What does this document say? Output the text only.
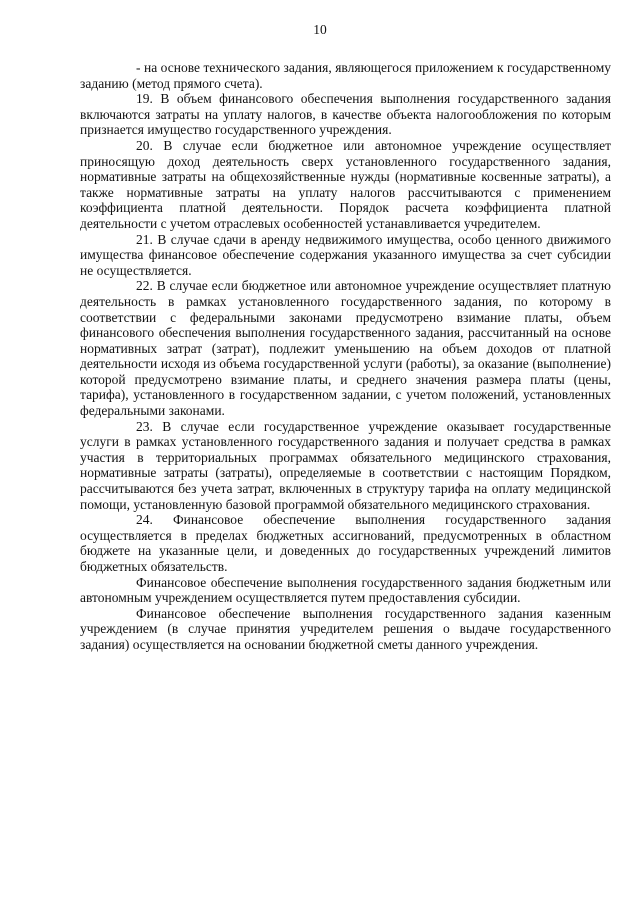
10

- на основе технического задания, являющегося приложением к государственному заданию (метод прямого счета).

19. В объем финансового обеспечения выполнения государственного задания включаются затраты на уплату налогов, в качестве объекта налогообложения по которым признается имущество государственного учреждения.

20. В случае если бюджетное или автономное учреждение осуществляет приносящую доход деятельность сверх установленного государственного задания, нормативные затраты на общехозяйственные нужды (нормативные косвенные затраты), а также нормативные затраты на уплату налогов рассчитываются с применением коэффициента платной деятельности. Порядок расчета коэффициента платной деятельности с учетом отраслевых особенностей устанавливается учредителем.

21. В случае сдачи в аренду недвижимого имущества, особо ценного движимого имущества финансовое обеспечение содержания указанного имущества за счет субсидии не осуществляется.

22. В случае если бюджетное или автономное учреждение осуществляет платную деятельность в рамках установленного государственного задания, по которому в соответствии с федеральными законами предусмотрено взимание платы, объем финансового обеспечения выполнения государственного задания, рассчитанный на основе нормативных затрат (затрат), подлежит уменьшению на объем доходов от платной деятельности исходя из объема государственной услуги (работы), за оказание (выполнение) которой предусмотрено взимание платы, и среднего значения размера платы (цены, тарифа), установленного в государственном задании, с учетом положений, установленных федеральными законами.

23. В случае если государственное учреждение оказывает государственные услуги в рамках установленного государственного задания и получает средства в рамках участия в территориальных программах обязательного медицинского страхования, нормативные затраты (затраты), определяемые в соответствии с настоящим Порядком, рассчитываются без учета затрат, включенных в структуру тарифа на оплату медицинской помощи, установленную базовой программой обязательного медицинского страхования.

24. Финансовое обеспечение выполнения государственного задания осуществляется в пределах бюджетных ассигнований, предусмотренных в областном бюджете на указанные цели, и доведенных до государственных учреждений лимитов бюджетных обязательств.

Финансовое обеспечение выполнения государственного задания бюджетным или автономным учреждением осуществляется путем предоставления субсидии.

Финансовое обеспечение выполнения государственного задания казенным учреждением (в случае принятия учредителем решения о выдаче государственного задания) осуществляется на основании бюджетной сметы данного учреждения.
